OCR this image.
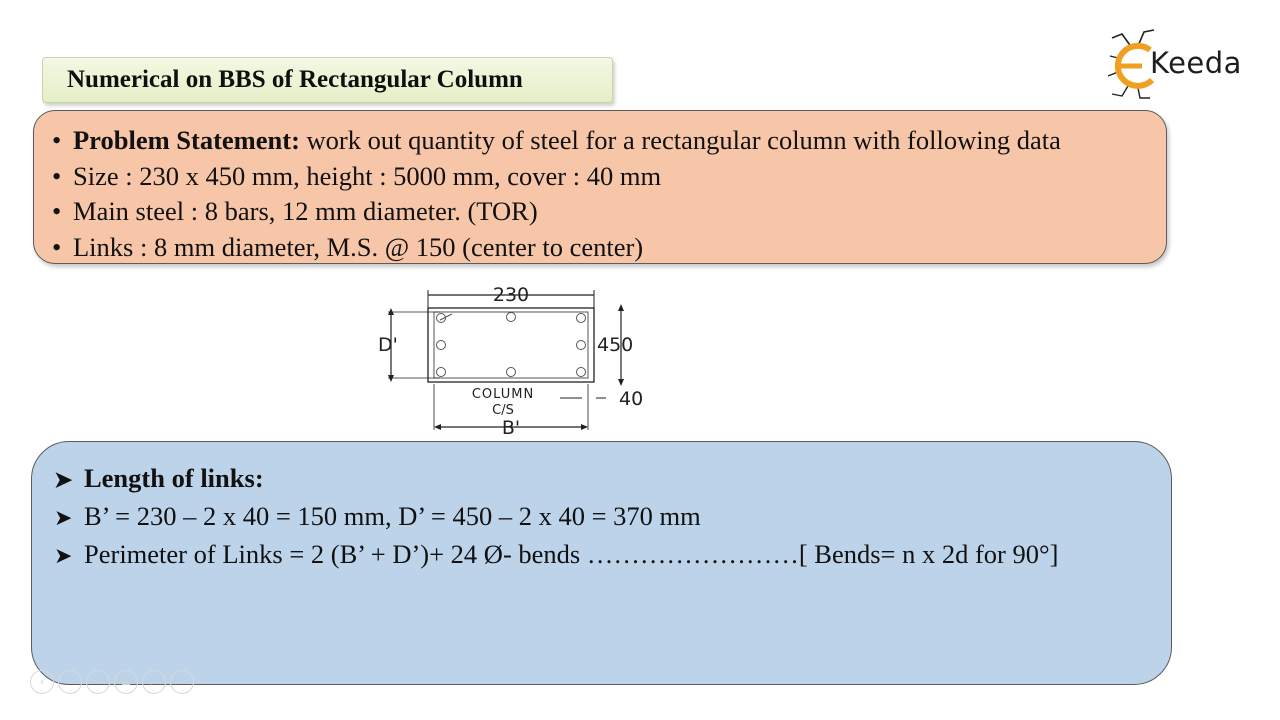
Numerical on BBS of Rectangular Column	Keeda
• Problem Statement: work out quantity of steel for a rectangular column with following data
• Size : 230 x 450 mm, height : 5000 mm, cover : 40 mm
• Main steel : 8 bars, 12 mm diameter. (TOR)
• Links : 8 mm diameter, M.S. @ 150 (center to center)
230
D'	450
40
COLUMN
C/S
B'
➤ Length of links:
➤ B’ = 230 – 2 x 40 = 150 mm, D’ = 450 – 2 x 40 = 370 mm
➤ Perimeter of Links = 2 (B’ + D’)+ 24 Ø- bends ……………………[ Bends= n x 2d for 90°]
‹	›	✎	☰	⌕	⋯
